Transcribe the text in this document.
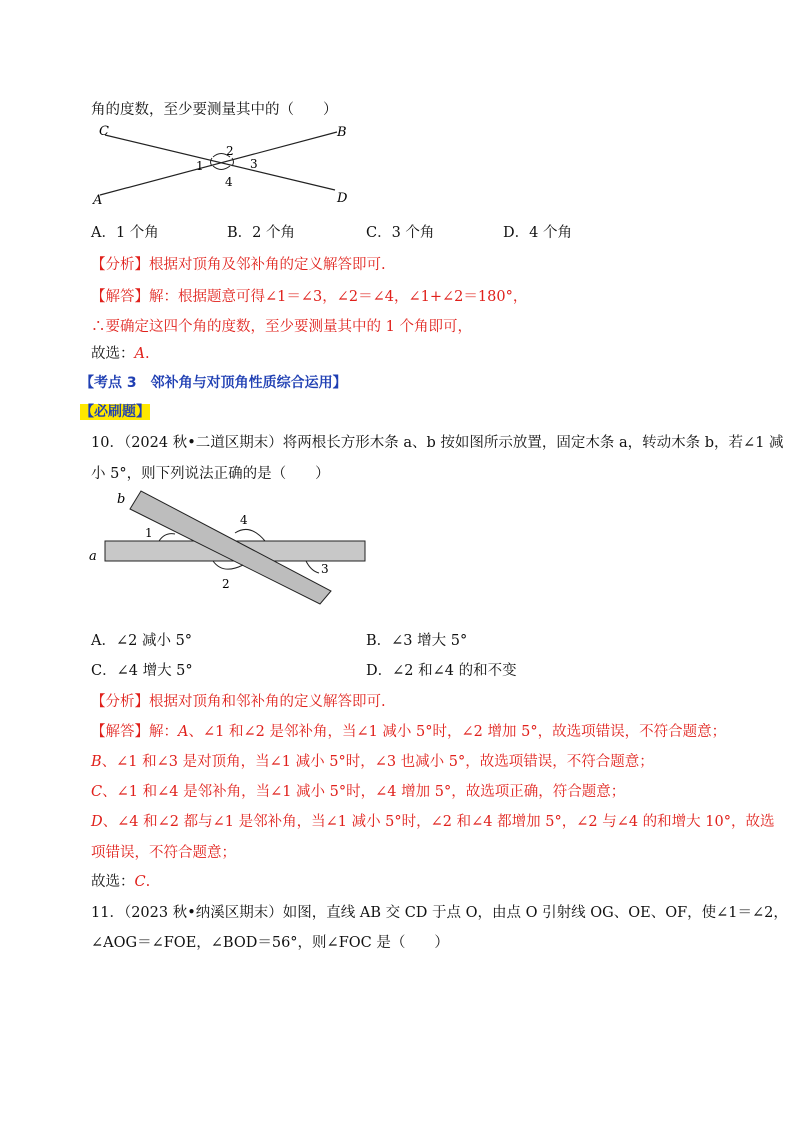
角的度数，至少要测量其中的（　　）
C	B
A	D
1
2
3
4
A．1 个角	B．2 个角	C．3 个角	D．4 个角
【分析】根据对顶角及邻补角的定义解答即可.
【解答】解：根据题意可得∠1＝∠3，∠2＝∠4，∠1+∠2＝180°，
∴要确定这四个角的度数，至少要测量其中的 1 个角即可，
故选：A.
【考点 3　邻补角与对顶角性质综合运用】
【必刷题】
10．（2024 秋•二道区期末）将两根长方形木条 a、b 按如图所示放置，固定木条 a，转动木条 b，若∠1 减
小 5°，则下列说法正确的是（　　）
b
a
1
4
2
3
A．∠2 减小 5°	B．∠3 增大 5°
C．∠4 增大 5°	D．∠2 和∠4 的和不变
【分析】根据对顶角和邻补角的定义解答即可.
【解答】解：A、∠1 和∠2 是邻补角，当∠1 减小 5°时，∠2 增加 5°，故选项错误，不符合题意；
B、∠1 和∠3 是对顶角，当∠1 减小 5°时，∠3 也减小 5°，故选项错误，不符合题意；
C、∠1 和∠4 是邻补角，当∠1 减小 5°时，∠4 增加 5°，故选项正确，符合题意；
D、∠4 和∠2 都与∠1 是邻补角，当∠1 减小 5°时，∠2 和∠4 都增加 5°，∠2 与∠4 的和增大 10°，故选
项错误，不符合题意；
故选：C.
11．（2023 秋•纳溪区期末）如图，直线 AB 交 CD 于点 O，由点 O 引射线 OG、OE、OF，使∠1＝∠2，
∠AOG＝∠FOE，∠BOD＝56°，则∠FOC 是（　　）
